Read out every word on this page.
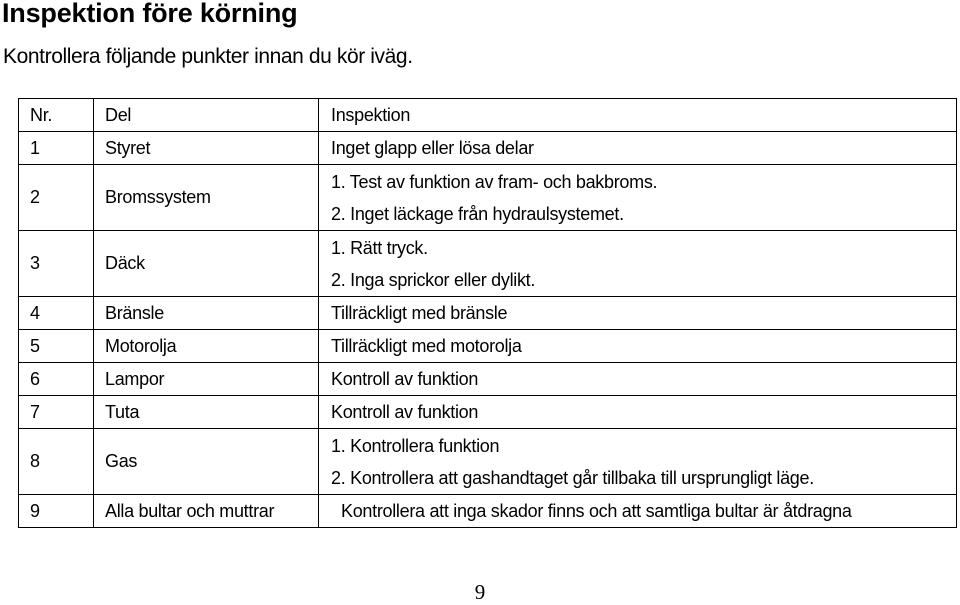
Inspektion före körning
Kontrollera följande punkter innan du kör iväg.
Nr.	Del	Inspektion
1	Styret	Inget glapp eller lösa delar

2	Bromssystem	1. Test av funktion av fram- och bakbroms.
2. Inget läckage från hydraulsystemet.

3	Däck	1. Rätt tryck.
2. Inga sprickor eller dylikt.

4	Bränsle	Tillräckligt med bränsle

5	Motorolja	Tillräckligt med motorolja

6	Lampor	Kontroll av funktion

7	Tuta	Kontroll av funktion

8	Gas	1. Kontrollera funktion
2. Kontrollera att gashandtaget går tillbaka till ursprungligt läge.

9	Alla bultar och muttrar	Kontrollera att inga skador finns och att samtliga bultar är åtdragna
9
